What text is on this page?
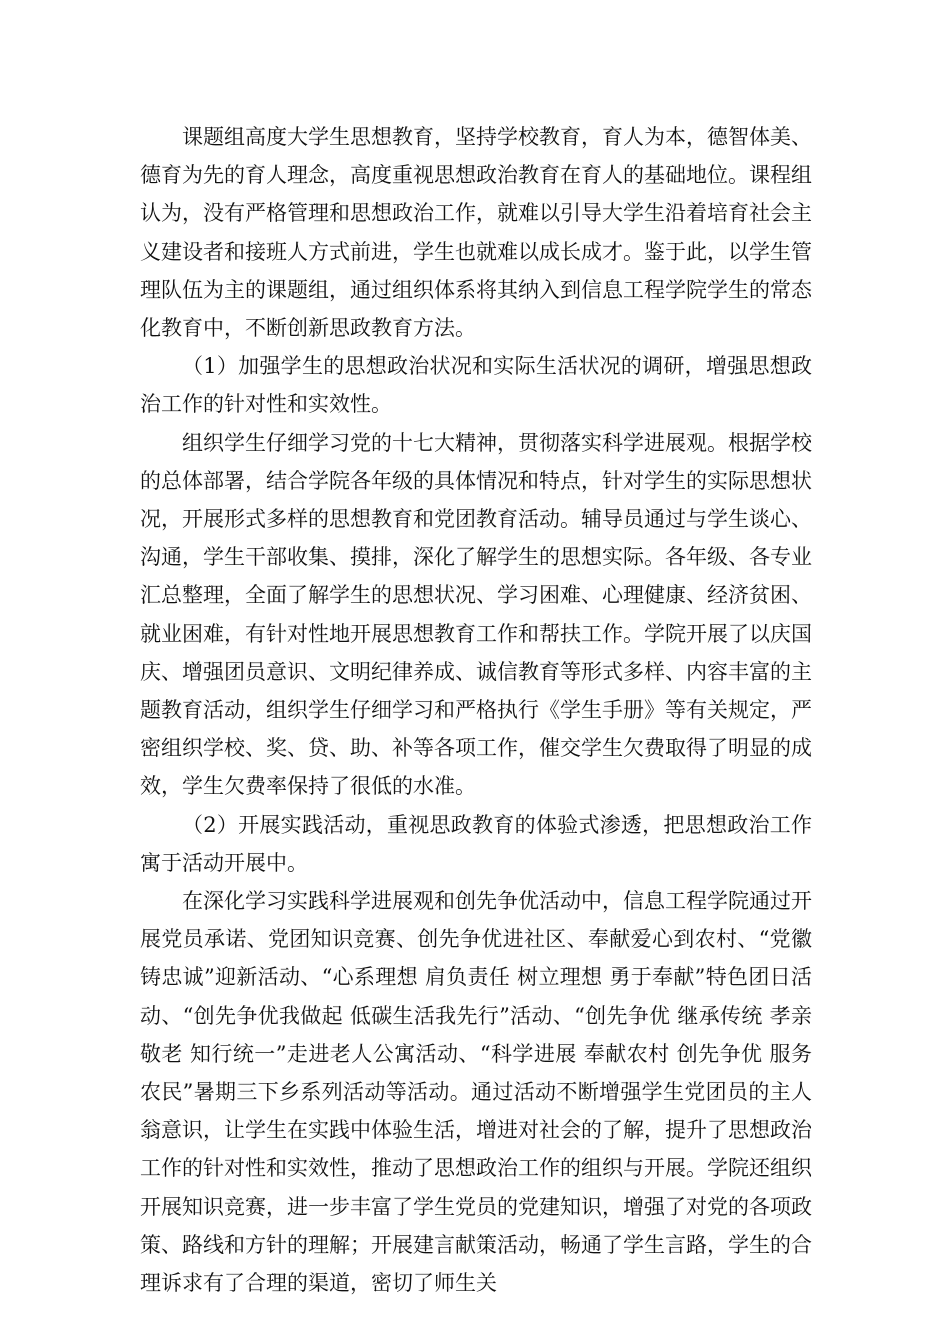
课题组高度大学生思想教育，坚持学校教育，育人为本，德智体美、德育为先的育人理念，高度重视思想政治教育在育人的基础地位。课程组认为，没有严格管理和思想政治工作，就难以引导大学生沿着培育社会主义建设者和接班人方式前进，学生也就难以成长成才。鉴于此，以学生管理队伍为主的课题组，通过组织体系将其纳入到信息工程学院学生的常态化教育中，不断创新思政教育方法。

（1）加强学生的思想政治状况和实际生活状况的调研，增强思想政治工作的针对性和实效性。

组织学生仔细学习党的十七大精神，贯彻落实科学进展观。根据学校的总体部署，结合学院各年级的具体情况和特点，针对学生的实际思想状况，开展形式多样的思想教育和党团教育活动。辅导员通过与学生谈心、沟通，学生干部收集、摸排，深化了解学生的思想实际。各年级、各专业汇总整理，全面了解学生的思想状况、学习困难、心理健康、经济贫困、就业困难，有针对性地开展思想教育工作和帮扶工作。学院开展了以庆国庆、增强团员意识、文明纪律养成、诚信教育等形式多样、内容丰富的主题教育活动，组织学生仔细学习和严格执行《学生手册》等有关规定，严密组织学校、奖、贷、助、补等各项工作，催交学生欠费取得了明显的成效，学生欠费率保持了很低的水准。

（2）开展实践活动，重视思政教育的体验式渗透，把思想政治工作寓于活动开展中。

在深化学习实践科学进展观和创先争优活动中，信息工程学院通过开展党员承诺、党团知识竞赛、创先争优进社区、奉献爱心到农村、“党徽铸忠诚”迎新活动、“心系理想 肩负责任 树立理想 勇于奉献”特色团日活动、“创先争优我做起 低碳生活我先行”活动、“创先争优 继承传统 孝亲敬老 知行统一”走进老人公寓活动、“科学进展 奉献农村 创先争优 服务农民”暑期三下乡系列活动等活动。通过活动不断增强学生党团员的主人翁意识，让学生在实践中体验生活，增进对社会的了解，提升了思想政治工作的针对性和实效性，推动了思想政治工作的组织与开展。学院还组织开展知识竞赛，进一步丰富了学生党员的党建知识，增强了对党的各项政策、路线和方针的理解；开展建言献策活动，畅通了学生言路，学生的合理诉求有了合理的渠道，密切了师生关
